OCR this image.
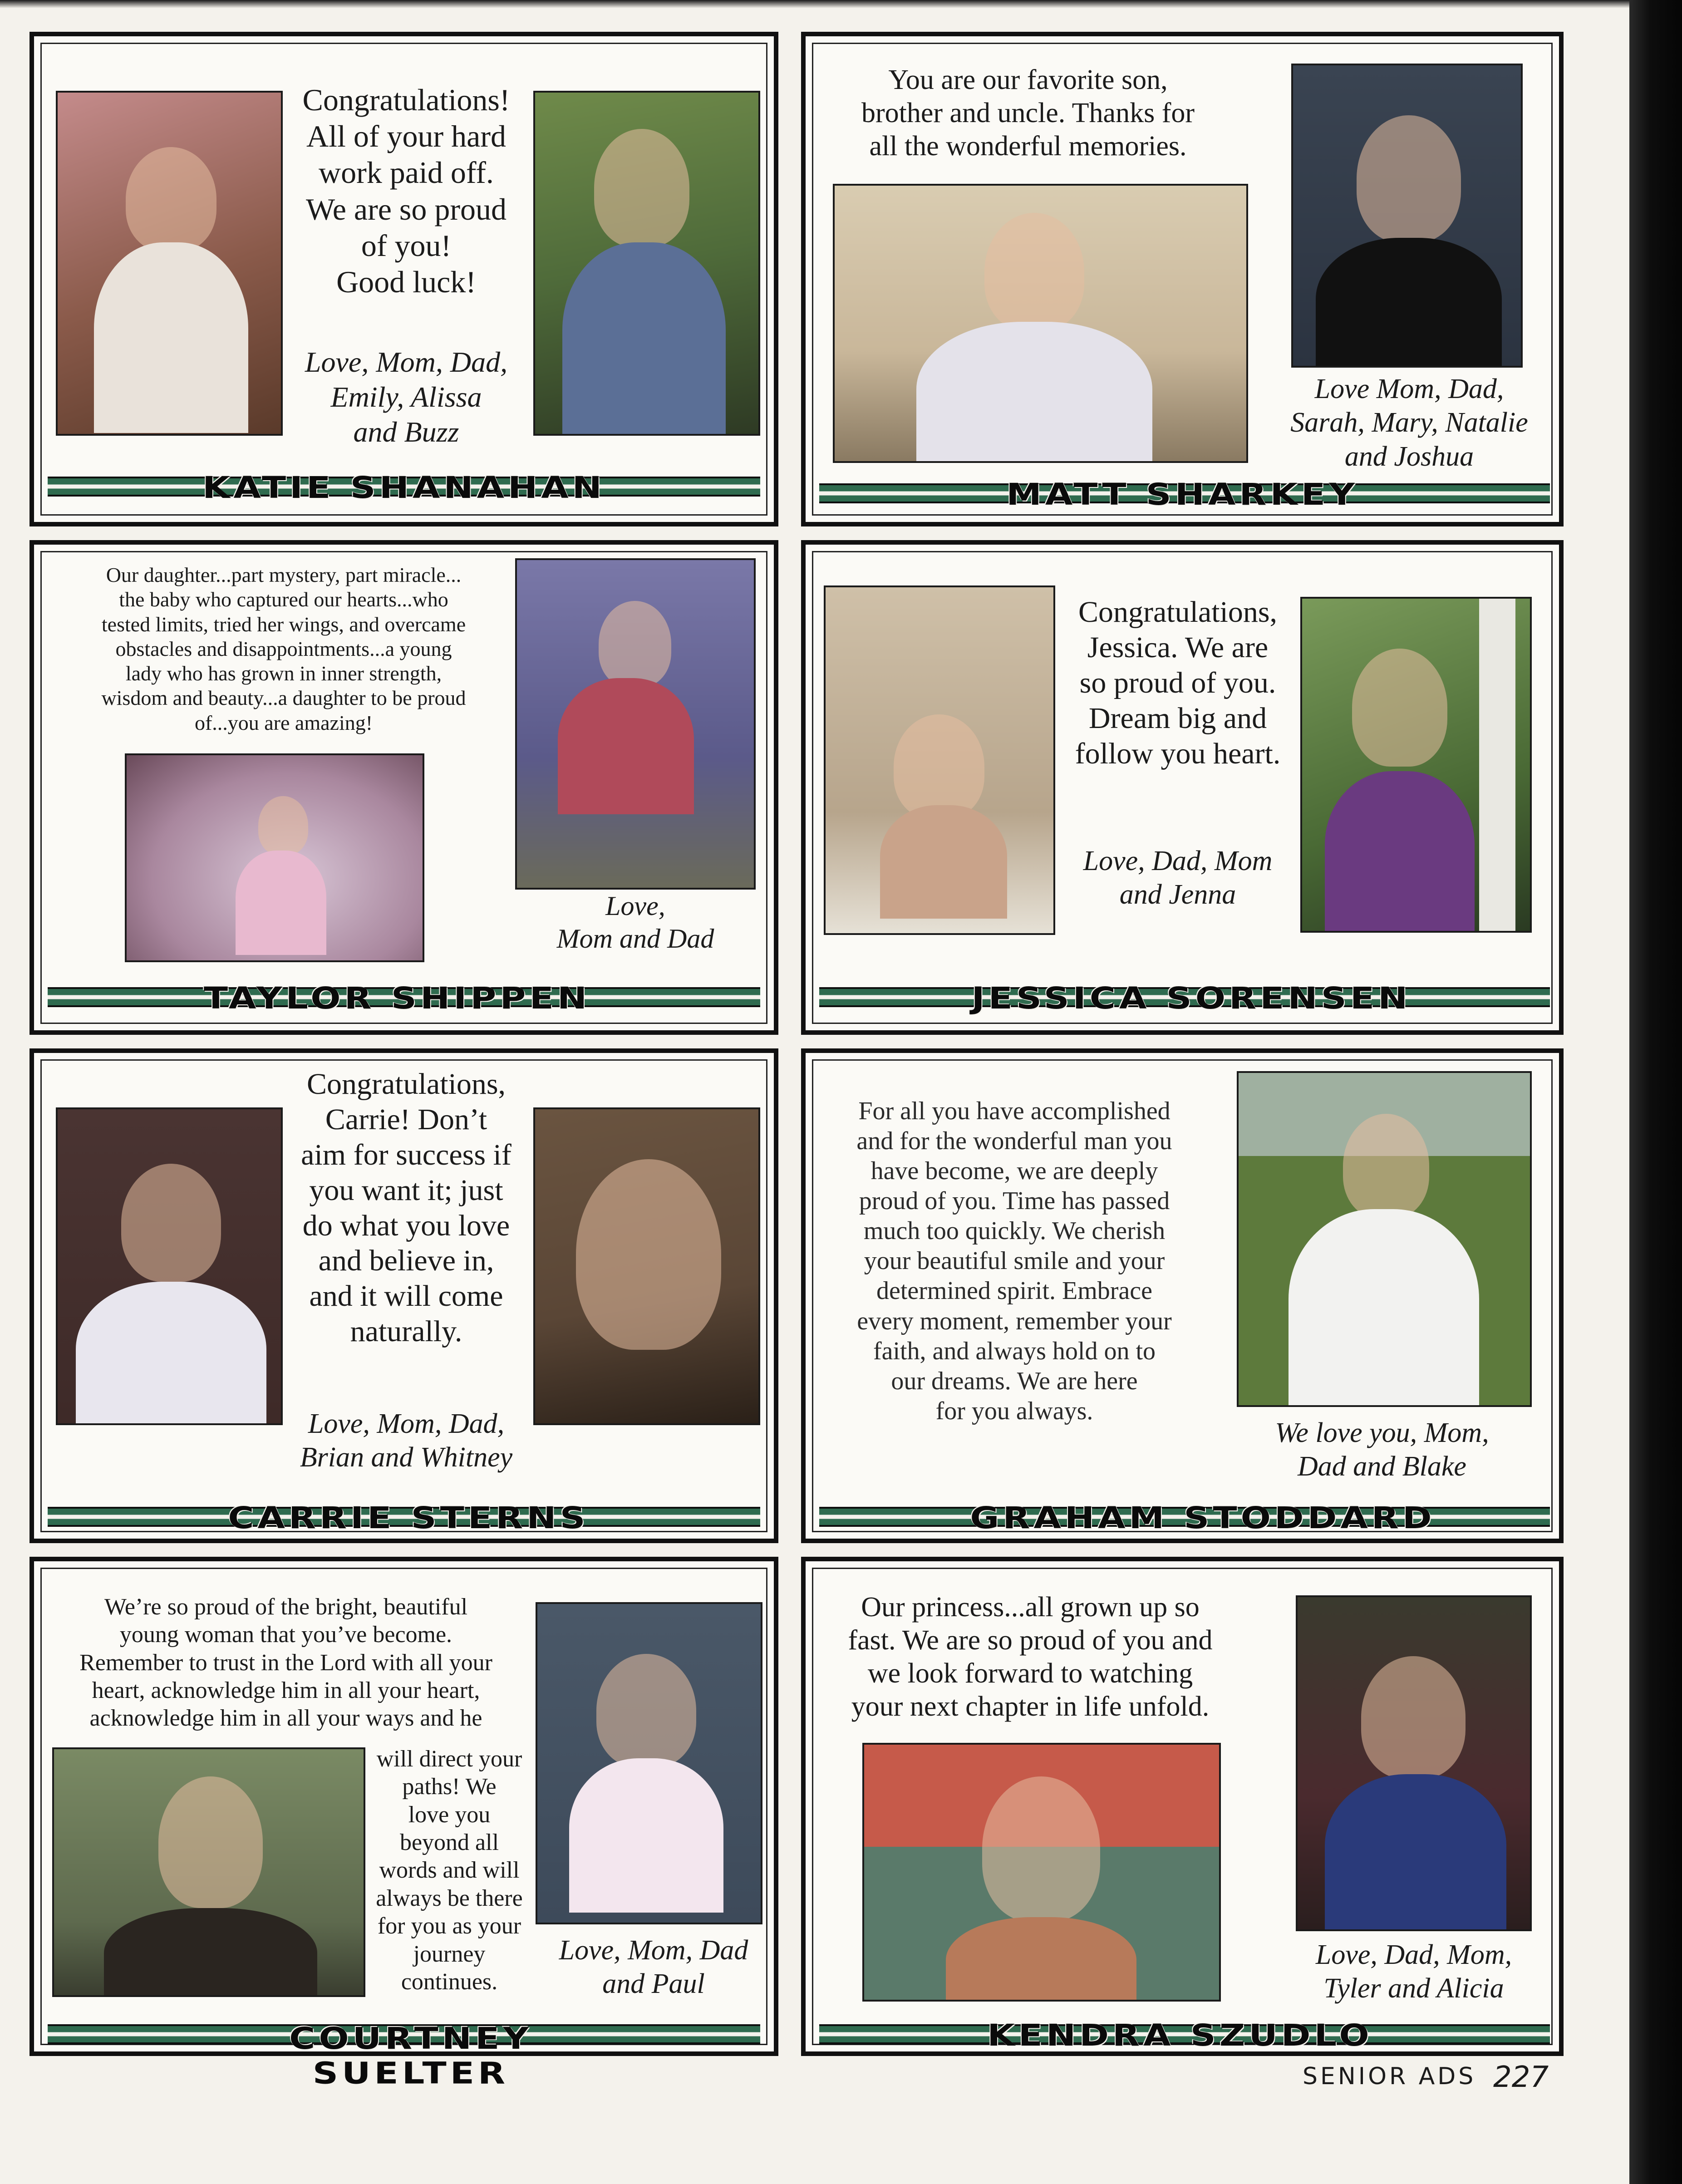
Congratulations!
All of your hard
work paid off.
We are so proud
of you!
Good luck!
Love, Mom, Dad,
Emily, Alissa
and Buzz
KATIE SHANAHAN
You are our favorite son,
brother and uncle. Thanks for
all the wonderful memories.
Love Mom, Dad,
Sarah, Mary, Natalie
and Joshua
MATT SHARKEY
Our daughter...part mystery, part miracle...
the baby who captured our hearts...who
tested limits, tried her wings, and overcame
obstacles and disappointments...a young
lady who has grown in inner strength,
wisdom and beauty...a daughter to be proud
of...you are amazing!
Love,
Mom and Dad
TAYLOR SHIPPEN
Congratulations,
Jessica. We are
so proud of you.
Dream big and
follow you heart.
Love, Dad, Mom
and Jenna
JESSICA SORENSEN
Congratulations,
Carrie! Don’t
aim for success if
you want it; just
do what you love
and believe in,
and it will come
naturally.
Love, Mom, Dad,
Brian and Whitney
CARRIE STERNS
For all you have accomplished
and for the wonderful man you
have become, we are deeply
proud of you. Time has passed
much too quickly. We cherish
your beautiful smile and your
determined spirit. Embrace
every moment, remember your
faith, and always hold on to
our dreams. We are here
for you always.
We love you, Mom,
Dad and Blake
GRAHAM STODDARD
We’re so proud of the bright, beautiful
young woman that you’ve become.
Remember to trust in the Lord with all your
heart, acknowledge him in all your heart,
acknowledge him in all your ways and he
will direct your
paths! We
love you
beyond all
words and will
always be there
for you as your
journey
continues.
Love, Mom, Dad
and Paul
COURTNEY SUELTER
Our princess...all grown up so
fast. We are so proud of you and
we look forward to watching
your next chapter in life unfold.
Love, Dad, Mom,
Tyler and Alicia
KENDRA SZUDLO
SENIOR ADS 227
